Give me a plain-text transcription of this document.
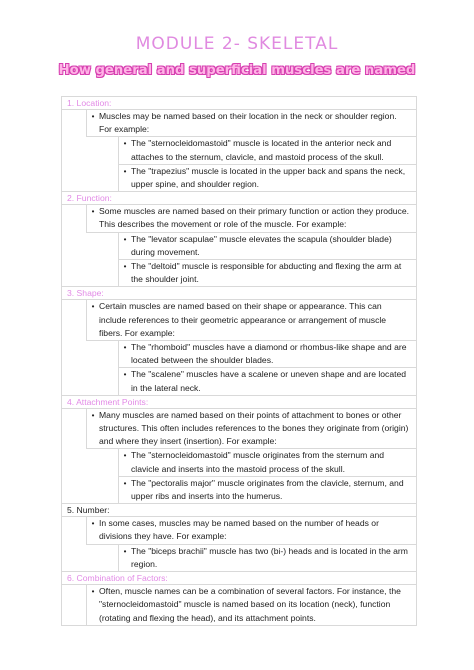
MODULE 2- SKELETAL
How general and superficial muscles are named
1. Location:
• Muscles may be named based on their location in the neck or shoulder region. For example:
• The "sternocleidomastoid" muscle is located in the anterior neck and attaches to the sternum, clavicle, and mastoid process of the skull.
• The "trapezius" muscle is located in the upper back and spans the neck, upper spine, and shoulder region.
2. Function:
• Some muscles are named based on their primary function or action they produce. This describes the movement or role of the muscle. For example:
• The "levator scapulae" muscle elevates the scapula (shoulder blade) during movement.
• The "deltoid" muscle is responsible for abducting and flexing the arm at the shoulder joint.
3. Shape:
• Certain muscles are named based on their shape or appearance. This can include references to their geometric appearance or arrangement of muscle fibers. For example:
• The "rhomboid" muscles have a diamond or rhombus-like shape and are located between the shoulder blades.
• The "scalene" muscles have a scalene or uneven shape and are located in the lateral neck.
4. Attachment Points:
• Many muscles are named based on their points of attachment to bones or other structures. This often includes references to the bones they originate from (origin) and where they insert (insertion). For example:
• The "sternocleidomastoid" muscle originates from the sternum and clavicle and inserts into the mastoid process of the skull.
• The "pectoralis major" muscle originates from the clavicle, sternum, and upper ribs and inserts into the humerus.
5. Number:
• In some cases, muscles may be named based on the number of heads or divisions they have. For example:
• The "biceps brachii" muscle has two (bi-) heads and is located in the arm region.
6. Combination of Factors:
• Often, muscle names can be a combination of several factors. For instance, the "sternocleidomastoid" muscle is named based on its location (neck), function (rotating and flexing the head), and its attachment points.
